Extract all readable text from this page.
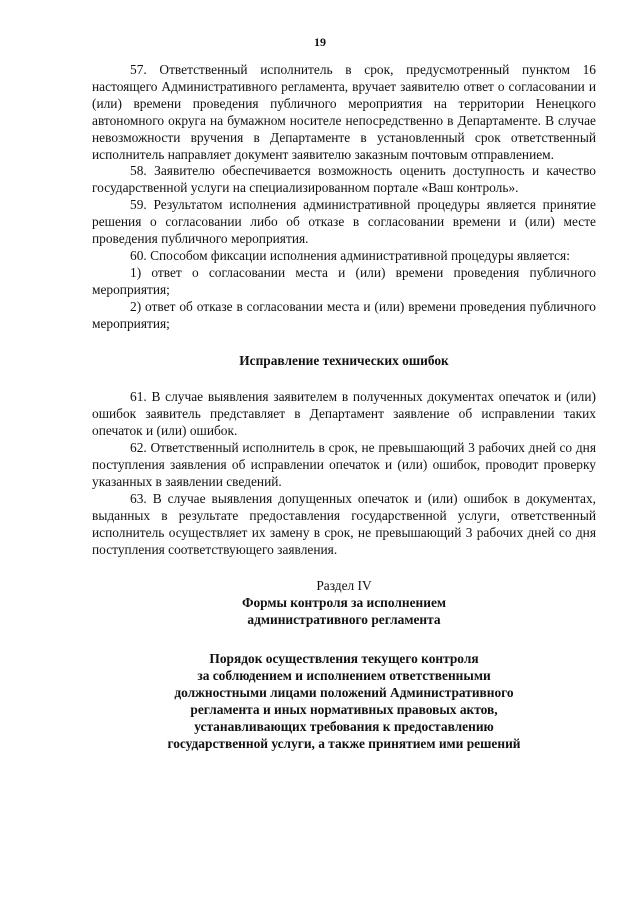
19

57. Ответственный исполнитель в срок, предусмотренный пунктом 16 настоящего Административного регламента, вручает заявителю ответ о согласовании и (или) времени проведения публичного мероприятия на территории Ненецкого автономного округа на бумажном носителе непосредственно в Департаменте. В случае невозможности вручения в Департаменте в установленный срок ответственный исполнитель направляет документ заявителю заказным почтовым отправлением.

58. Заявителю обеспечивается возможность оценить доступность и качество государственной услуги на специализированном портале «Ваш контроль».

59. Результатом исполнения административной процедуры является принятие решения о согласовании либо об отказе в согласовании времени и (или) месте проведения публичного мероприятия.

60. Способом фиксации исполнения административной процедуры является:

1) ответ о согласовании места и (или) времени проведения публичного мероприятия;

2) ответ об отказе в согласовании места и (или) времени проведения публичного мероприятия;

Исправление технических ошибок

61. В случае выявления заявителем в полученных документах опечаток и (или) ошибок заявитель представляет в Департамент заявление об исправлении таких опечаток и (или) ошибок.

62. Ответственный исполнитель в срок, не превышающий 3 рабочих дней со дня поступления заявления об исправлении опечаток и (или) ошибок, проводит проверку указанных в заявлении сведений.

63. В случае выявления допущенных опечаток и (или) ошибок в документах, выданных в результате предоставления государственной услуги, ответственный исполнитель осуществляет их замену в срок, не превышающий 3 рабочих дней со дня поступления соответствующего заявления.

Раздел IV

Формы контроля за исполнением

административного регламента

Порядок осуществления текущего контроля

за соблюдением и исполнением ответственными

должностными лицами положений Административного

регламента и иных нормативных правовых актов,

устанавливающих требования к предоставлению

государственной услуги, а также принятием ими решений
